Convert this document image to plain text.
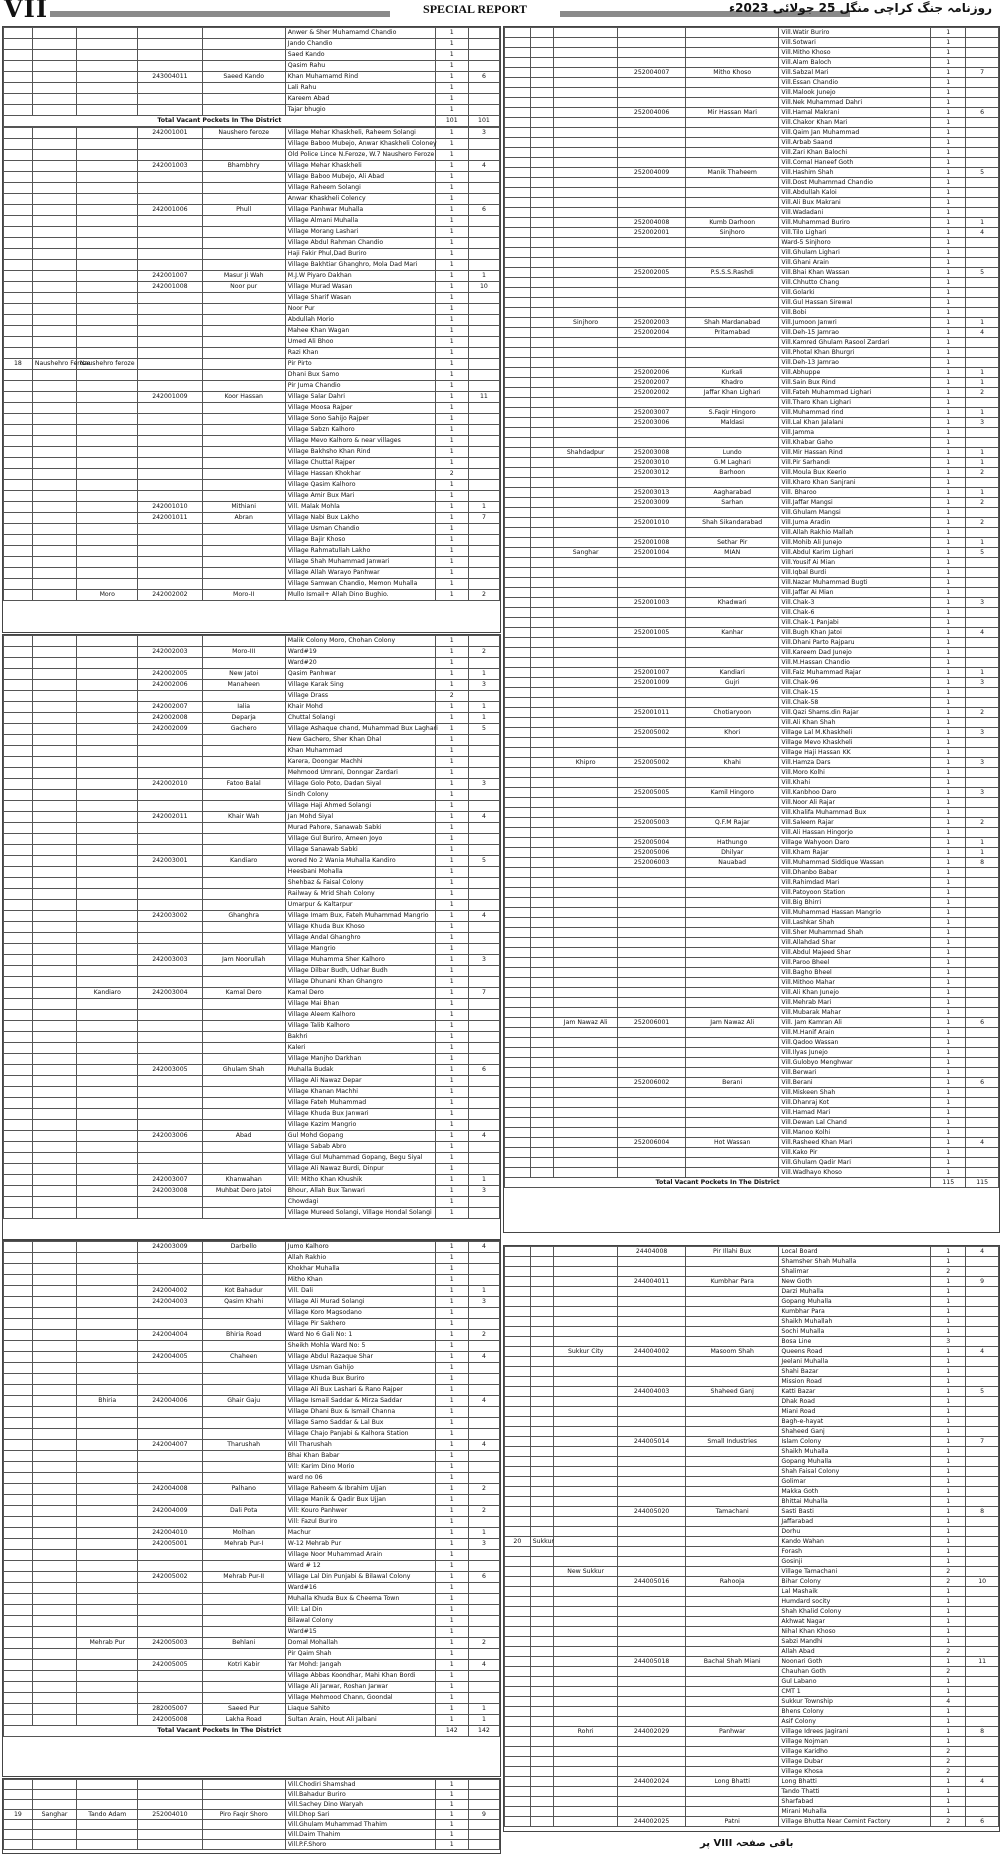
VII	SPECIAL REPORT	روزنامہ جنگ کراچی منگل 25 جولائی 2023ء
					Anwer & Sher Muhamamd Chandio	1	
					Jando Chandio	1	
					Saed Kando	1	
					Qasim Rahu	1	
			243004011	Saeed Kando	Khan Muhamamd Rind	1	6
					Lali Rahu	1	
					Kareem Abad	1	
					Tajar bhugio	1	
Total Vacant Pockets In The District						101	101
			242001001	Naushero feroze	Village Mehar Khaskheli, Raheem Solangi	1	3
					Village Baboo Mubejo, Anwar Khaskheli Coloney	1	
					Old Police Lince N.Feroze, W.7 Naushero Feroze	1	
			242001003	Bhambhry	Village Mehar Khaskheli	1	4
					Village Baboo Mubejo, Ali Abad	1	
					Village Raheem Solangi	1	
					Anwar Khaskheli Colency	1	
			242001006	Phull	Village Panhwar Muhalla	1	6
					Village Almani Muhalla	1	
					Village Morang Lashari	1	
					Village Abdul Rahman Chandio	1	
					Haji Fakir Phul,Dad Buriro	1	
					Village Bakhtiar Ghanghro, Mola Dad Mari	1	
			242001007	Masur Ji Wah	M.J.W Piyaro Dakhan	1	1
			242001008	Noor pur	Village Murad Wasan	1	10
					Village Sharif Wasan	1	
					Noor Pur	1	
					Abdullah Morio	1	
					Mahee Khan Wagan	1	
					Umed Ali Bhoo	1	
					Razi Khan	1	
18	Naushehro Feroze	Naushehro feroze			Pir Pirto	1	
					Dhani Bux Samo	1	
					Pir Juma Chandio	1	
			242001009	Koor Hassan	Village Salar Dahri	1	11
					Village Moosa Rajper	1	
					Village Sono Sahijo Rajper	1	
					Village Sabzn Kalhoro	1	
					Village Mevo Kalhoro & near villages	1	
					Village Bakhsho Khan Rind	1	
					Village Chuttal Rajper	1	
					Village Hassan Khokhar	2	
					Village Qasim Kalhoro	1	
					Village Amir Bux Mari	1	
			242001010	Mithiani	Vill. Malak Mohla	1	1
			242001011	Abran	Village Nabi Bux Lakho	1	7
					Village Usman Chandio	1	
					Village Bajir Khoso	1	
					Village Rahmatullah Lakho	1	
					Village Shah Muhammad Janwari	1	
					Village Allah Warayo Panhwar	1	
					Village Samwan Chandio, Memon Muhalla	1	
		Moro	242002002	Moro-II	Mullo Ismail+ Allah Dino Bughio.	1	2
					Malik Colony Moro, Chohan Colony	1	
			242002003	Moro-III	Ward#19	1	2
					Ward#20	1	
			242002005	New Jatoi	Qasim Panhwar	1	1
			242002006	Manaheen	Village Karak Sing	1	3
					Village Drass	2	
			242002007	Ialia	Khair Mohd	1	1
			242002008	Deparja	Chuttal Solangi	1	1
			242002009	Gachero	Village Ashaque chand, Muhammad Bux Laghari	1	5
					New Gachero, Sher Khan Dhal	1	
					Khan Muhammad	1	
					Karera, Doongar Machhi	1	
					Mehmood Umrani, Donngar Zardari	1	
			242002010	Fatoo Balal	Village Golo Poto, Dadan Siyal	1	3
					Sindh Colony	1	
					Village Haji Ahmed Solangi	1	
			242002011	Khair Wah	Jan Mohd Siyal	1	4
					Murad Pahore, Sanawab Sabki	1	
					Village Gul Buriro, Ameen Joyo	1	
					Village Sanawab Sabki	1	
			242003001	Kandiaro	wored No 2 Wania Muhalla Kandiro	1	5
					Heesbani Mohalla	1	
					Shehbaz & Faisal Colony	1	
					Railway & Mrid Shah Colony	1	
					Umarpur & Kaltarpur	1	
			242003002	Ghanghra	Village Imam Bux, Fateh Muhammad Mangrio	1	4
					Village Khuda Bux Khoso	1	
					Village Andal Ghanghro	1	
					Village Mangrio	1	
			242003003	Jam Noorullah	Village Muhamma Sher Kalhoro	1	3
					Village Dilbar Budh, Udhar Budh	1	
					Village Dhunani Khan Ghangro	1	
		Kandiaro	242003004	Kamal Dero	Kamal Dero	1	7
					Village Mai Bhan	1	
					Village Aleem Kalhoro	1	
					Village Talib Kalhoro	1	
					Bakhri	1	
					Kaleri	1	
					Village Manjho Darkhan	1	
			242003005	Ghulam Shah	Muhalla Budak	1	6
					Village Ali Nawaz Depar	1	
					Village Khanan Machhi	1	
					Village Fateh Muhammad	1	
					Village Khuda Bux Janwari	1	
					Village Kazim Mangrio	1	
			242003006	Abad	Gul Mohd Gopang	1	4
					Village Sabab Abro	1	
					Village Gul Muhammad Gopang, Begu Siyal	1	
					Village Ali Nawaz Burdi, Dinpur	1	
			242003007	Khanwahan	Vill: Mitho Khan Khushik	1	1
			242003008	Muhbat Dero Jatoi	Bhour, Allah Bux Tanwari	1	3
					Chowdagi	1	
					Village Mureed Solangi, Village Hondal Solangi	1	
			242003009	Darbello	Jumo Kalhoro	1	4
					Allah Rakhio	1	
					Khokhar Muhalla	1	
					Mitho Khan	1	
			242004002	Kot Bahadur	Vill. Dali	1	1
			242004003	Qasim Khahi	Village Ali Murad Solangi	1	3
					Village Koro Magsodano	1	
					Village Pir Sakhero	1	
			242004004	Bhiria Road	Ward No 6 Gali No: 1	1	2
					Sheikh Mohla Ward No: 5	1	
			242004005	Chaheen	Village Abdul Razaque Shar	1	4
					Village Usman Gahijo	1	
					Village Khuda Bux Buriro	1	
					Village Ali Bux Lashari & Rano Rajper	1	
		Bhiria	242004006	Ghair Gaju	Village Ismail Saddar & Mirza Saddar	1	4
					Village Dhani Bux & Ismail Channa	1	
					Village Samo Saddar & Lal Bux	1	
					Village Chajo Panjabi & Kalhora Station	1	
			242004007	Tharushah	Vill Tharushah	1	4
					Bhai Khan Babar	1	
					Vill: Karim Dino Morio	1	
					ward no 06	1	
			242004008	Palhano	Village Raheem & Ibrahim Ujjan	1	2
					Village Manik & Qadir Bux Ujjan	1	
			242004009	Dali Pota	Vill: Kouro Panhwer	1	2
					Vill: Fazul Buriro	1	
			242004010	Molhan	Machur	1	1
			242005001	Mehrab Pur-I	W-12 Mehrab Pur	1	3
					Village Noor Muhammad Arain	1	
					Ward # 12	1	
			242005002	Mehrab Pur-II	Village Lal Din Punjabi & Bilawal Colony	1	6
					Ward#16	1	
					Muhalla Khuda Bux & Cheema Town	1	
					Vill: Lal Din	1	
					Bilawal Colony	1	
					Ward#15	1	
		Mehrab Pur	242005003	Behlani	Domal Mohallah	1	2
					Pir Qaim Shah	1	
			242005005	Kotri Kabir	Yar Mohd: Jangah	1	4
					Village Abbas Koondhar, Mahi Khan Bordi	1	
					Village Ali Jarwar, Roshan Jarwar	1	
					Village Mehmood Chann, Goondal	1	
			282005007	Saeed Pur	Liaque Sahito	1	1
			242005008	Lakha Road	Sultan Arain, Hout Ali Jalbani	1	1
Total Vacant Pockets In The District						142	142
					Vill.Chodiri Shamshad	1	
					Vill.Bahadur Buriro	1	
					Vill.Sachey Dino Waryah	1	
19	Sanghar	Tando Adam	252004010	Piro Faqir Shoro	Vill.Dhop Sari	1	9
					Vill.Ghulam Muhammad Thahim	1	
					Vill.Daim Thahim	1	
					Vill.P.F.Shoro	1	
					Vill.Watir Buriro	1	
					Vill.Sotwari	1	
					Vill.Mitho Khoso	1	
					Vill.Alam Baloch	1	
			252004007	Mitho Khoso	Vill.Sabzal Mari	1	7
					Vill.Essan Chandio	1	
					Vill.Malook Junejo	1	
					Vill.Nek Muhammad Dahri	1	
			252004006	Mir Hassan Mari	Vill.Hamal Makrani	1	6
					Vill.Chakor Khan Mari	1	
					Vill.Qaim Jan Muhammad	1	
					Vill.Arbab Saand	1	
					Vill.Zari Khan Balochi	1	
					Vill.Comal Haneef Goth	1	
			252004009	Manik Thaheem	Vill.Hashim Shah	1	5
					Vill.Dost Muhammad Chandio	1	
					Vill.Abdullah Kaloi	1	
					Vill.Ali Bux Makrani	1	
					Vill.Wadadani	1	
			252004008	Kumb Darhoon	Vill.Muhammad Buriro	1	1
			252002001	Sinjhoro	Vill.Tilo Lighari	1	4
					Ward-5 Sinjhoro	1	
					Vill.Ghulam Lighari	1	
					Vill.Ghani Arain	1	
			252002005	P.S.S.S.Rashdi	Vill.Bhai Khan Wassan	1	5
					Vill.Chhutto Chang	1	
					Vill.Golarki	1	
					Vill.Gul Hassan Sirewal	1	
					Vill.Bobi	1	
		Sinjhoro	252002003	Shah Mardanabad	Vill.Jumoon Janwri	1	1
			252002004	Pritamabad	Vill.Deh-15 Jamrao	1	4
					Vill.Kamred Ghulam Rasool Zardari	1	
					Vill.Photal Khan Bhurgri	1	
					Vill.Deh-13 Jamrao	1	
			252002006	Kurkali	Vill.Abhuppe	1	1
			252002007	Khadro	Vill.Sain Bux Rind	1	1
			252002002	Jaffar Khan Lighari	Vill.Fateh Muhammad Lighari	1	2
					Vill.Tharo Khan Lighari	1	
			252003007	S.Faqir Hingoro	Vill.Muhammad rind	1	1
			252003006	Maldasi	Vill.Lal Khan Jalalani	1	3
					Vill.Jamma	1	
					Vill.Khabar Gaho	1	
		Shahdadpur	252003008	Lundo	Vill.Mir Hassan Rind	1	1
			252003010	G.M Laghari	Vill.Pir Sarhandi	1	1
			252003012	Barhoon	Vill.Moula Bux Keerio	1	2
					Vill.Kharo Khan Sanjrani	1	
			252003013	Aagharabad	Vill. Bharoo	1	1
			252003009	Sarhan	Vill.Jaffar Mangsi	1	2
					Vill.Ghulam Mangsi	1	
			252001010	Shah Sikandarabad	Vill.Juma Aradin	1	2
					Vill.Allah Rakhio Mallah	1	
			252001008	Sethar Pir	Vill.Mohib Ali Junejo	1	1
		Sanghar	252001004	MIAN	Vill.Abdul Karim Lighari	1	5
					Vill.Yousif Ai Mian	1	
					Vill.Iqbal Burdi	1	
					Vill.Nazar Muhammad Bugti	1	
					Vill.Jaffar Ai Mian	1	
			252001003	Khadwari	Vill.Chak-3	1	3
					Vill.Chak-6	1	
					Vill.Chak-1 Panjabi	1	
			252001005	Kanhar	Vill.Bugh Khan Jatoi	1	4
					Vill.Dhani Parto Rajparu	1	
					Vill.Kareem Dad Junejo	1	
					Vill.M.Hassan Chandio	1	
			252001007	Kandiari	Vill.Faiz Muhammad Rajar	1	1
			252001009	Gujri	Vill.Chak-96	1	3
					Vill.Chak-15	1	
					Vill.Chak-58	1	
			252001011	Chotiaryoon	Vill.Qazi Shams.din Rajar	1	2
					Vill.Ali Khan Shah	1	
			252005002	Khori	Village Lal M.Khaskheli	1	3
					Village Mevo Khaskheli	1	
					Village Haji Hassan KK	1	
		Khipro	252005002	Khahi	Vill.Hamza Dars	1	3
					Vill.Moro Kolhi	1	
					Vill.Khahi	1	
			252005005	Kamil Hingoro	Vill.Kanbhoo Daro	1	3
					Vill.Noor Ali Rajar	1	
					Vill.Khalifa Muhammad Bux	1	
			252005003	Q.F.M Rajar	Vill.Saleem Rajar	1	2
					Vill.Ali Hassan Hingorjo	1	
			252005004	Hathungo	Village Wahyoon Daro	1	1
			252005006	Dhilyar	Vill.Kham Rajar	1	1
			252006003	Nauabad	Vill.Muhammad Siddique Wassan	1	8
					Vill.Dhanbo Babar	1	
					Vill.Rahimdad Mari	1	
					Vill.Patoyoon Station	1	
					Vill.Big Bhirri	1	
					Vill.Muhammad Hassan Mangrio	1	
					Vill.Lashkar Shah	1	
					Vill.Sher Muhammad Shah	1	
					Vill.Allahdad Shar	1	
					Vill.Abdul Majeed Shar	1	
					Vill.Paroo Bheel	1	
					Vill.Bagho Bheel	1	
					Vill.Mithoo Mahar	1	
					Vill.Ali Khan Junejo	1	
					Vill.Mehrab Mari	1	
					Vill.Mubarak Mahar	1	
		Jam Nawaz Ali	252006001	Jam Nawaz Ali	Vill. Jam Kamran Ali	1	6
					Vill.M.Hanif Arain	1	
					Vill.Qadoo Wassan	1	
					Vill.Ilyas Junejo	1	
					Vill.Gulobyo Menghwar	1	
					Vill.Berwari	1	
			252006002	Berani	Vill.Berani	1	6
					Vill.Miskeen Shah	1	
					Vill.Dhanraj Kot	1	
					Vill.Hamad Mari	1	
					Vill.Dewan Lal Chand	1	
					Vill.Manoo Kolhi	1	
			252006004	Hot Wassan	Vill.Rasheed Khan Mari	1	4
					Vill.Kako Pir	1	
					Vill.Ghulam Qadir Mari	1	
					Vill.Wadhayo Khoso	1	
Total Vacant Pockets In The District						115	115
			24404008	Pir Illahi Bux	Local Board	1	4
					Shamsher Shah Muhalla	1	
					Shalimar	2	
			244004011	Kumbhar Para	New Goth	1	9
					Darzi Muhalla	1	
					Gopang Muhalla	1	
					Kumbhar Para	1	
					Shaikh Muhallah	1	
					Sochi Muhalla	1	
					Bosa Line	3	
		Sukkur City	244004002	Masoom Shah	Queens Road	1	4
					Jeelani Muhalla	1	
					Shahi Bazar	1	
					Mission Road	1	
			244004003	Shaheed Ganj	Katti Bazar	1	5
					Dhak Road	1	
					Miani Road	1	
					Bagh-e-hayat	1	
					Shaheed Ganj	1	
			244005014	Small Industries	Islam Colony	1	7
					Shaikh Muhalla	1	
					Gopang Muhalla	1	
					Shah Faisal Colony	1	
					Golimar	1	
					Makka Goth	1	
					Bhittai Muhalla	1	
			244005020	Tamachani	Sasti Basti	1	8
					Jaffarabad	1	
					Dorhu	1	
20	Sukkur				Kando Wahan	1	
					Forash	1	
					Gosinji	1	
		New Sukkur			Village Tamachani	2	
			244005016	Rahooja	Bihar Colony	2	10
					Lal Mashaik	1	
					Humdard socity	1	
					Shah Khalid Colony	1	
					Akhwat Nagar	1	
					Nihal Khan Khoso	1	
					Sabzi Mandhi	1	
					Allah Abad	2	
			244005018	Bachal Shah Miani	Noonari Goth	1	11
					Chauhan Goth	2	
					Gul Labano	1	
					CMT 1	1	
					Sukkur Township	4	
					Bhens Colony	1	
					Asif Colony	1	
		Rohri	244002029	Panhwar	Village Idrees Jagirani	1	8
					Village Nojman	1	
					Village Karidho	2	
					Village Dubar	2	
					Village Khosa	2	
			244002024	Long Bhatti	Long Bhatti	1	4
					Tando Thatti	1	
					Sharfabad	1	
					Mirani Muhalla	1	
			244002025	Patni	Village Bhutta Near Cemint Factory	2	6
باقی صفحہ VIII پر
